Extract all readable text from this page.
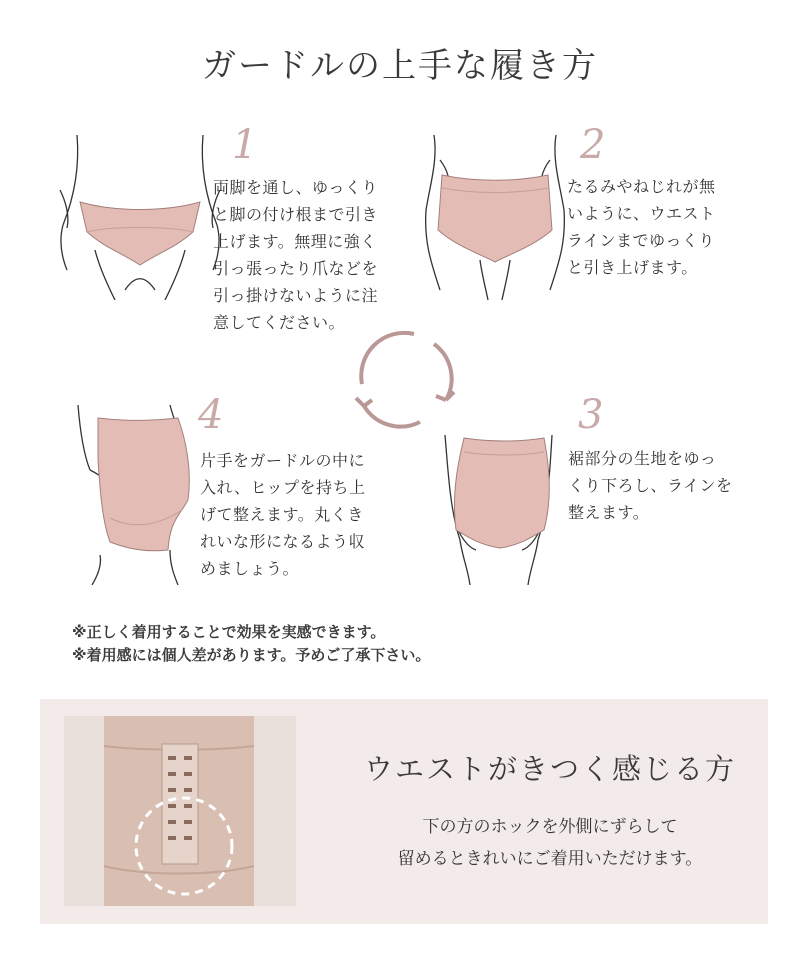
ガードルの上手な履き方
1
両脚を通し、ゆっくり
と脚の付け根まで引き
上げます。無理に強く
引っ張ったり爪などを
引っ掛けないように注
意してください。
2
たるみやねじれが無
いように、ウエスト
ラインまでゆっくり
と引き上げます。
4
片手をガードルの中に
入れ、ヒップを持ち上
げて整えます。丸くき
れいな形になるよう収
めましょう。
3
裾部分の生地をゆっ
くり下ろし、ラインを
整えます。
※正しく着用することで効果を実感できます。
※着用感には個人差があります。予めご了承下さい。
ウエストがきつく感じる方
下の方のホックを外側にずらして
留めるときれいにご着用いただけます。
